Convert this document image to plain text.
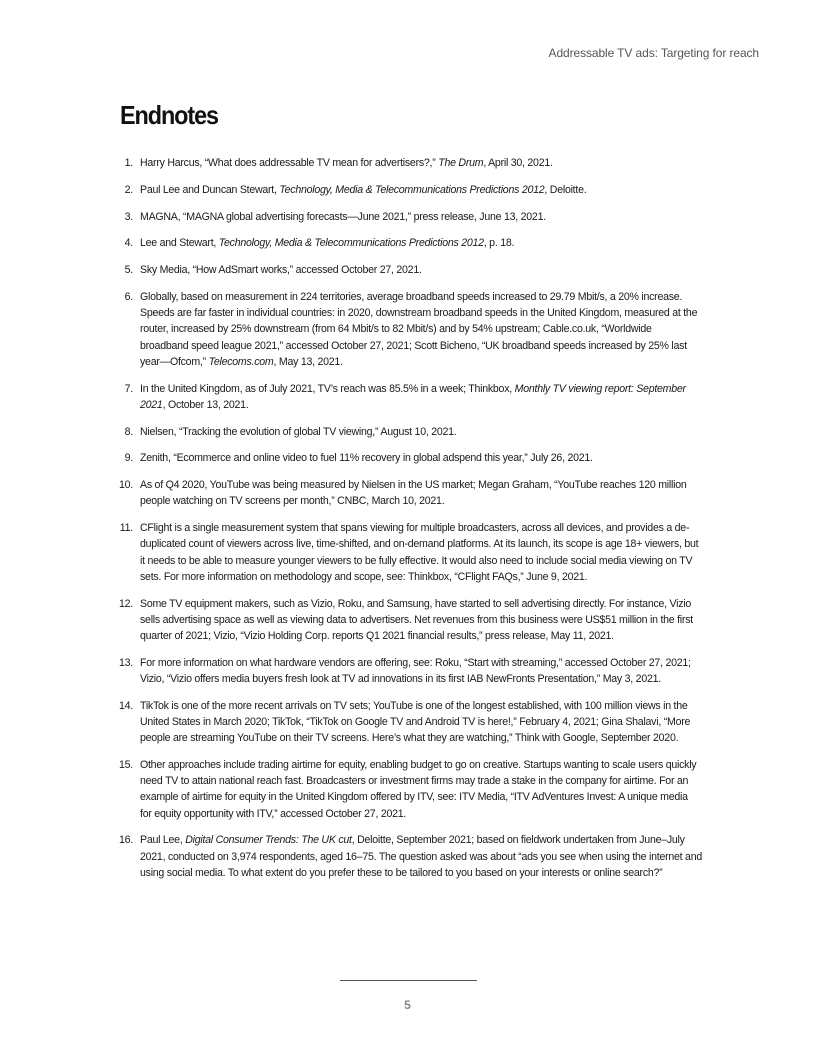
Addressable TV ads: Targeting for reach
Endnotes
1. Harry Harcus, “What does addressable TV mean for advertisers?,” The Drum, April 30, 2021.
2. Paul Lee and Duncan Stewart, Technology, Media & Telecommunications Predictions 2012, Deloitte.
3. MAGNA, “MAGNA global advertising forecasts—June 2021,” press release, June 13, 2021.
4. Lee and Stewart, Technology, Media & Telecommunications Predictions 2012, p. 18.
5. Sky Media, “How AdSmart works,” accessed October 27, 2021.
6. Globally, based on measurement in 224 territories, average broadband speeds increased to 29.79 Mbit/s, a 20% increase. Speeds are far faster in individual countries: in 2020, downstream broadband speeds in the United Kingdom, measured at the router, increased by 25% downstream (from 64 Mbit/s to 82 Mbit/s) and by 54% upstream; Cable.co.uk, “Worldwide broadband speed league 2021,” accessed October 27, 2021; Scott Bicheno, “UK broadband speeds increased by 25% last year—Ofcom,” Telecoms.com, May 13, 2021.
7. In the United Kingdom, as of July 2021, TV’s reach was 85.5% in a week; Thinkbox, Monthly TV viewing report: September 2021, October 13, 2021.
8. Nielsen, “Tracking the evolution of global TV viewing,” August 10, 2021.
9. Zenith, “Ecommerce and online video to fuel 11% recovery in global adspend this year,” July 26, 2021.
10. As of Q4 2020, YouTube was being measured by Nielsen in the US market; Megan Graham, “YouTube reaches 120 million people watching on TV screens per month,” CNBC, March 10, 2021.
11. CFlight is a single measurement system that spans viewing for multiple broadcasters, across all devices, and provides a de-duplicated count of viewers across live, time-shifted, and on-demand platforms. At its launch, its scope is age 18+ viewers, but it needs to be able to measure younger viewers to be fully effective. It would also need to include social media viewing on TV sets. For more information on methodology and scope, see: Thinkbox, “CFlight FAQs,” June 9, 2021.
12. Some TV equipment makers, such as Vizio, Roku, and Samsung, have started to sell advertising directly. For instance, Vizio sells advertising space as well as viewing data to advertisers. Net revenues from this business were US$51 million in the first quarter of 2021; Vizio, “Vizio Holding Corp. reports Q1 2021 financial results,” press release, May 11, 2021.
13. For more information on what hardware vendors are offering, see: Roku, “Start with streaming,” accessed October 27, 2021; Vizio, “Vizio offers media buyers fresh look at TV ad innovations in its first IAB NewFronts Presentation,” May 3, 2021.
14. TikTok is one of the more recent arrivals on TV sets; YouTube is one of the longest established, with 100 million views in the United States in March 2020; TikTok, “TikTok on Google TV and Android TV is here!,” February 4, 2021; Gina Shalavi, “More people are streaming YouTube on their TV screens. Here’s what they are watching,” Think with Google, September 2020.
15. Other approaches include trading airtime for equity, enabling budget to go on creative. Startups wanting to scale users quickly need TV to attain national reach fast. Broadcasters or investment firms may trade a stake in the company for airtime. For an example of airtime for equity in the United Kingdom offered by ITV, see: ITV Media, “ITV AdVentures Invest: A unique media for equity opportunity with ITV,” accessed October 27, 2021.
16. Paul Lee, Digital Consumer Trends: The UK cut, Deloitte, September 2021; based on fieldwork undertaken from June–July 2021, conducted on 3,974 respondents, aged 16–75. The question asked was about “ads you see when using the internet and using social media. To what extent do you prefer these to be tailored to you based on your interests or online search?”
5
